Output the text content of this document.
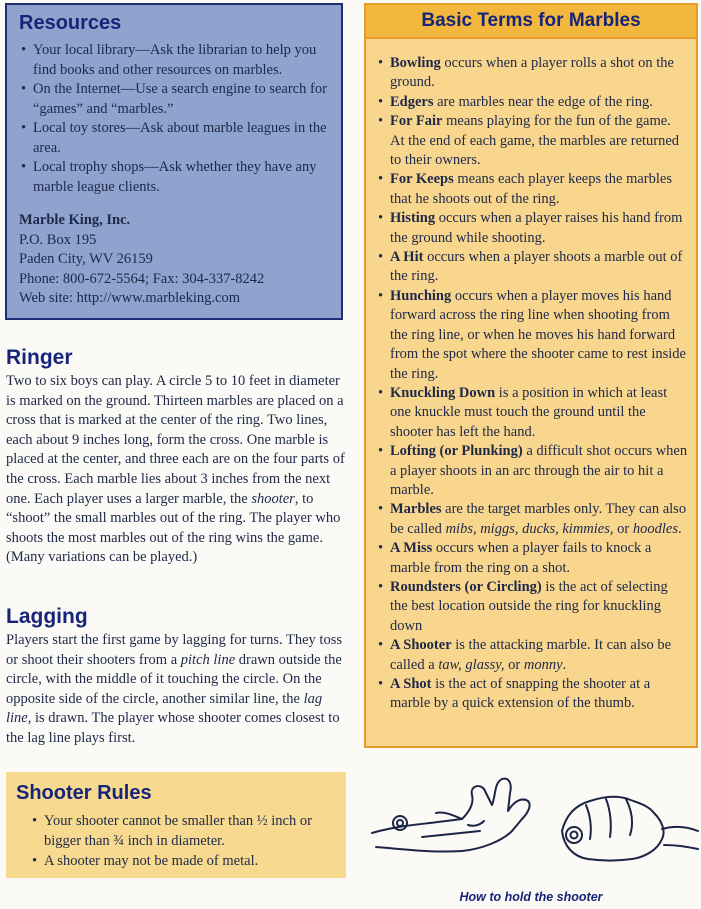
Resources
• Your local library—Ask the librarian to help you find books and other resources on marbles.
• On the Internet—Use a search engine to search for “games” and “marbles.”
• Local toy stores—Ask about marble leagues in the area.
• Local trophy shops—Ask whether they have any marble league clients.
Marble King, Inc.
P.O. Box 195
Paden City, WV 26159
Phone: 800-672-5564; Fax: 304-337-8242
Web site: http://www.marbleking.com
Ringer

Two to six boys can play. A circle 5 to 10 feet in diameter is marked on the ground. Thirteen marbles are placed on a cross that is marked at the center of the ring. Two lines, each about 9 inches long, form the cross. One marble is placed at the center, and three each are on the four parts of the cross. Each marble lies about 3 inches from the next one. Each player uses a larger marble, the shooter, to “shoot” the small marbles out of the ring. The player who shoots the most marbles out of the ring wins the game. (Many variations can be played.)

Lagging

Players start the first game by lagging for turns. They toss or shoot their shooters from a pitch line drawn outside the circle, with the middle of it touching the circle. On the opposite side of the circle, another similar line, the lag line, is drawn. The player whose shooter comes closest to the lag line plays first.

Shooter Rules
• Your shooter cannot be smaller than ½ inch or bigger than ¾ inch in diameter.
• A shooter may not be made of metal.
Basic Terms for Marbles
• Bowling occurs when a player rolls a shot on the ground.
• Edgers are marbles near the edge of the ring.
• For Fair means playing for the fun of the game. At the end of each game, the marbles are returned to their owners.
• For Keeps means each player keeps the marbles that he shoots out of the ring.
• Histing occurs when a player raises his hand from the ground while shooting.
• A Hit occurs when a player shoots a marble out of the ring.
• Hunching occurs when a player moves his hand forward across the ring line when shooting from the ring line, or when he moves his hand forward from the spot where the shooter came to rest inside the ring.
• Knuckling Down is a position in which at least one knuckle must touch the ground until the shooter has left the hand.
• Lofting (or Plunking) a difficult shot occurs when a player shoots in an arc through the air to hit a marble.
• Marbles are the target marbles only. They can also be called mibs, miggs, ducks, kimmies, or hoodles.
• A Miss occurs when a player fails to knock a marble from the ring on a shot.
• Roundsters (or Circling) is the act of selecting the best location outside the ring for knuckling down
• A Shooter is the attacking marble. It can also be called a taw, glassy, or monny.
• A Shot is the act of snapping the shooter at a marble by a quick extension of the thumb.
How to hold the shooter
